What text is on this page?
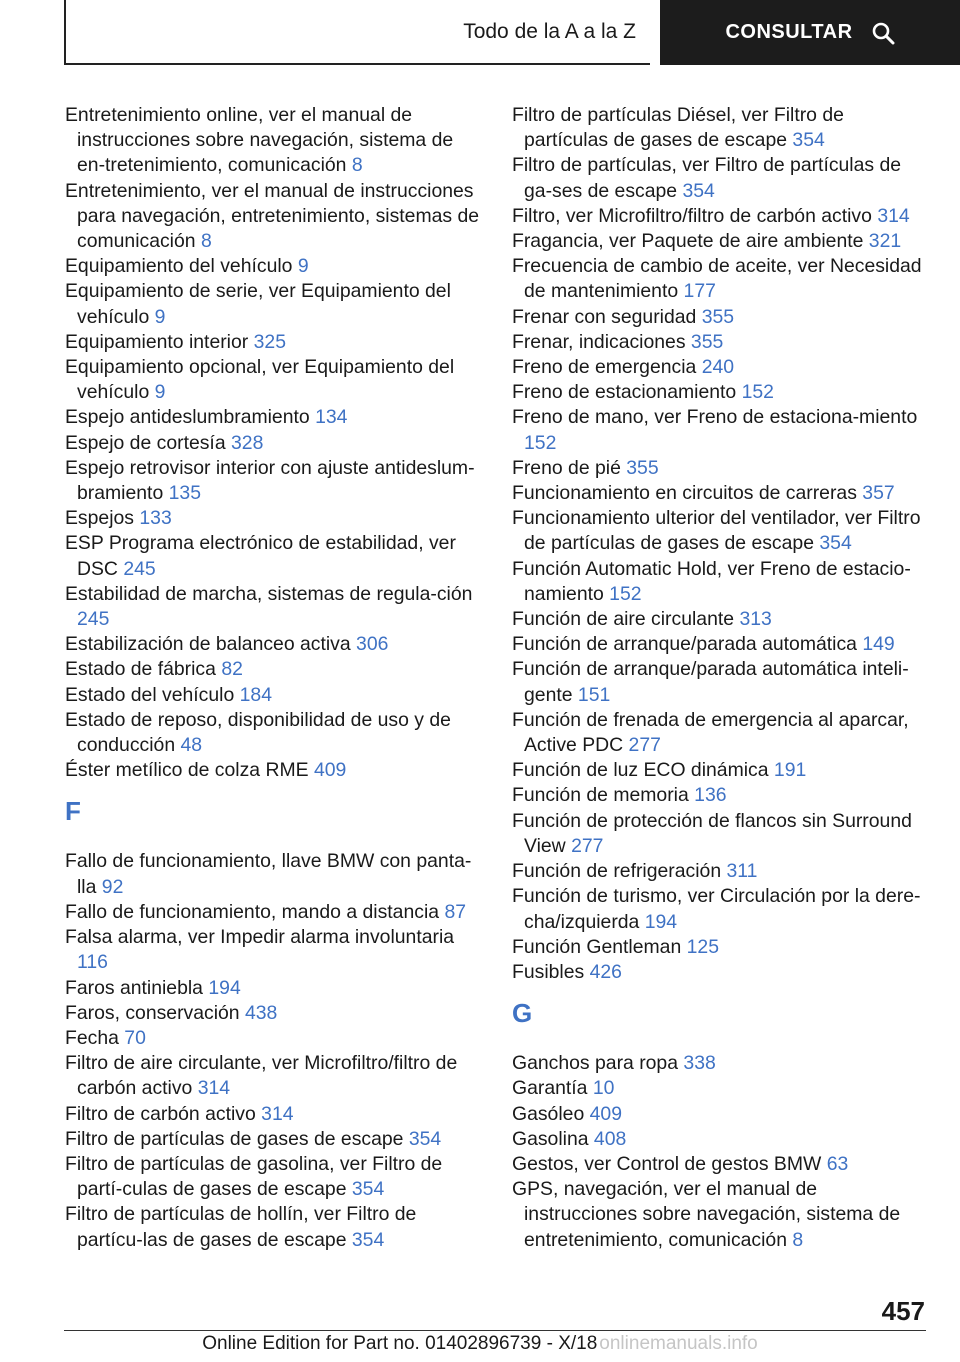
Todo de la A a la Z	CONSULTAR
Entretenimiento online, ver el manual de instrucciones sobre navegación, sistema de en-tretenimiento, comunicación 8
Entretenimiento, ver el manual de instrucciones para navegación, entretenimiento, sistemas de comunicación 8
Equipamiento del vehículo 9
Equipamiento de serie, ver Equipamiento del vehículo 9
Equipamiento interior 325
Equipamiento opcional, ver Equipamiento del vehículo 9
Espejo antideslumbramiento 134
Espejo de cortesía 328
Espejo retrovisor interior con ajuste antideslum-bramiento 135
Espejos 133
ESP Programa electrónico de estabilidad, ver DSC 245
Estabilidad de marcha, sistemas de regula-ción 245
Estabilización de balanceo activa 306
Estado de fábrica 82
Estado del vehículo 184
Estado de reposo, disponibilidad de uso y de conducción 48
Éster metílico de colza RME 409
F
Fallo de funcionamiento, llave BMW con panta-lla 92
Fallo de funcionamiento, mando a distancia 87
Falsa alarma, ver Impedir alarma involuntaria 116
Faros antiniebla 194
Faros, conservación 438
Fecha 70
Filtro de aire circulante, ver Microfiltro/filtro de carbón activo 314
Filtro de carbón activo 314
Filtro de partículas de gases de escape 354
Filtro de partículas de gasolina, ver Filtro de partí-culas de gases de escape 354
Filtro de partículas de hollín, ver Filtro de partícu-las de gases de escape 354
Filtro de partículas Diésel, ver Filtro de partículas de gases de escape 354
Filtro de partículas, ver Filtro de partículas de ga-ses de escape 354
Filtro, ver Microfiltro/filtro de carbón activo 314
Fragancia, ver Paquete de aire ambiente 321
Frecuencia de cambio de aceite, ver Necesidad de mantenimiento 177
Frenar con seguridad 355
Frenar, indicaciones 355
Freno de emergencia 240
Freno de estacionamiento 152
Freno de mano, ver Freno de estaciona-miento 152
Freno de pié 355
Funcionamiento en circuitos de carreras 357
Funcionamiento ulterior del ventilador, ver Filtro de partículas de gases de escape 354
Función Automatic Hold, ver Freno de estacio-namiento 152
Función de aire circulante 313
Función de arranque/parada automática 149
Función de arranque/parada automática inteli-gente 151
Función de frenada de emergencia al aparcar, Active PDC 277
Función de luz ECO dinámica 191
Función de memoria 136
Función de protección de flancos sin Surround View 277
Función de refrigeración 311
Función de turismo, ver Circulación por la dere-cha/izquierda 194
Función Gentleman 125
Fusibles 426
G
Ganchos para ropa 338
Garantía 10
Gasóleo 409
Gasolina 408
Gestos, ver Control de gestos BMW 63
GPS, navegación, ver el manual de instrucciones sobre navegación, sistema de entretenimiento, comunicación 8
457
Online Edition for Part no. 01402896739 - X/18 onlinemanuals.info
